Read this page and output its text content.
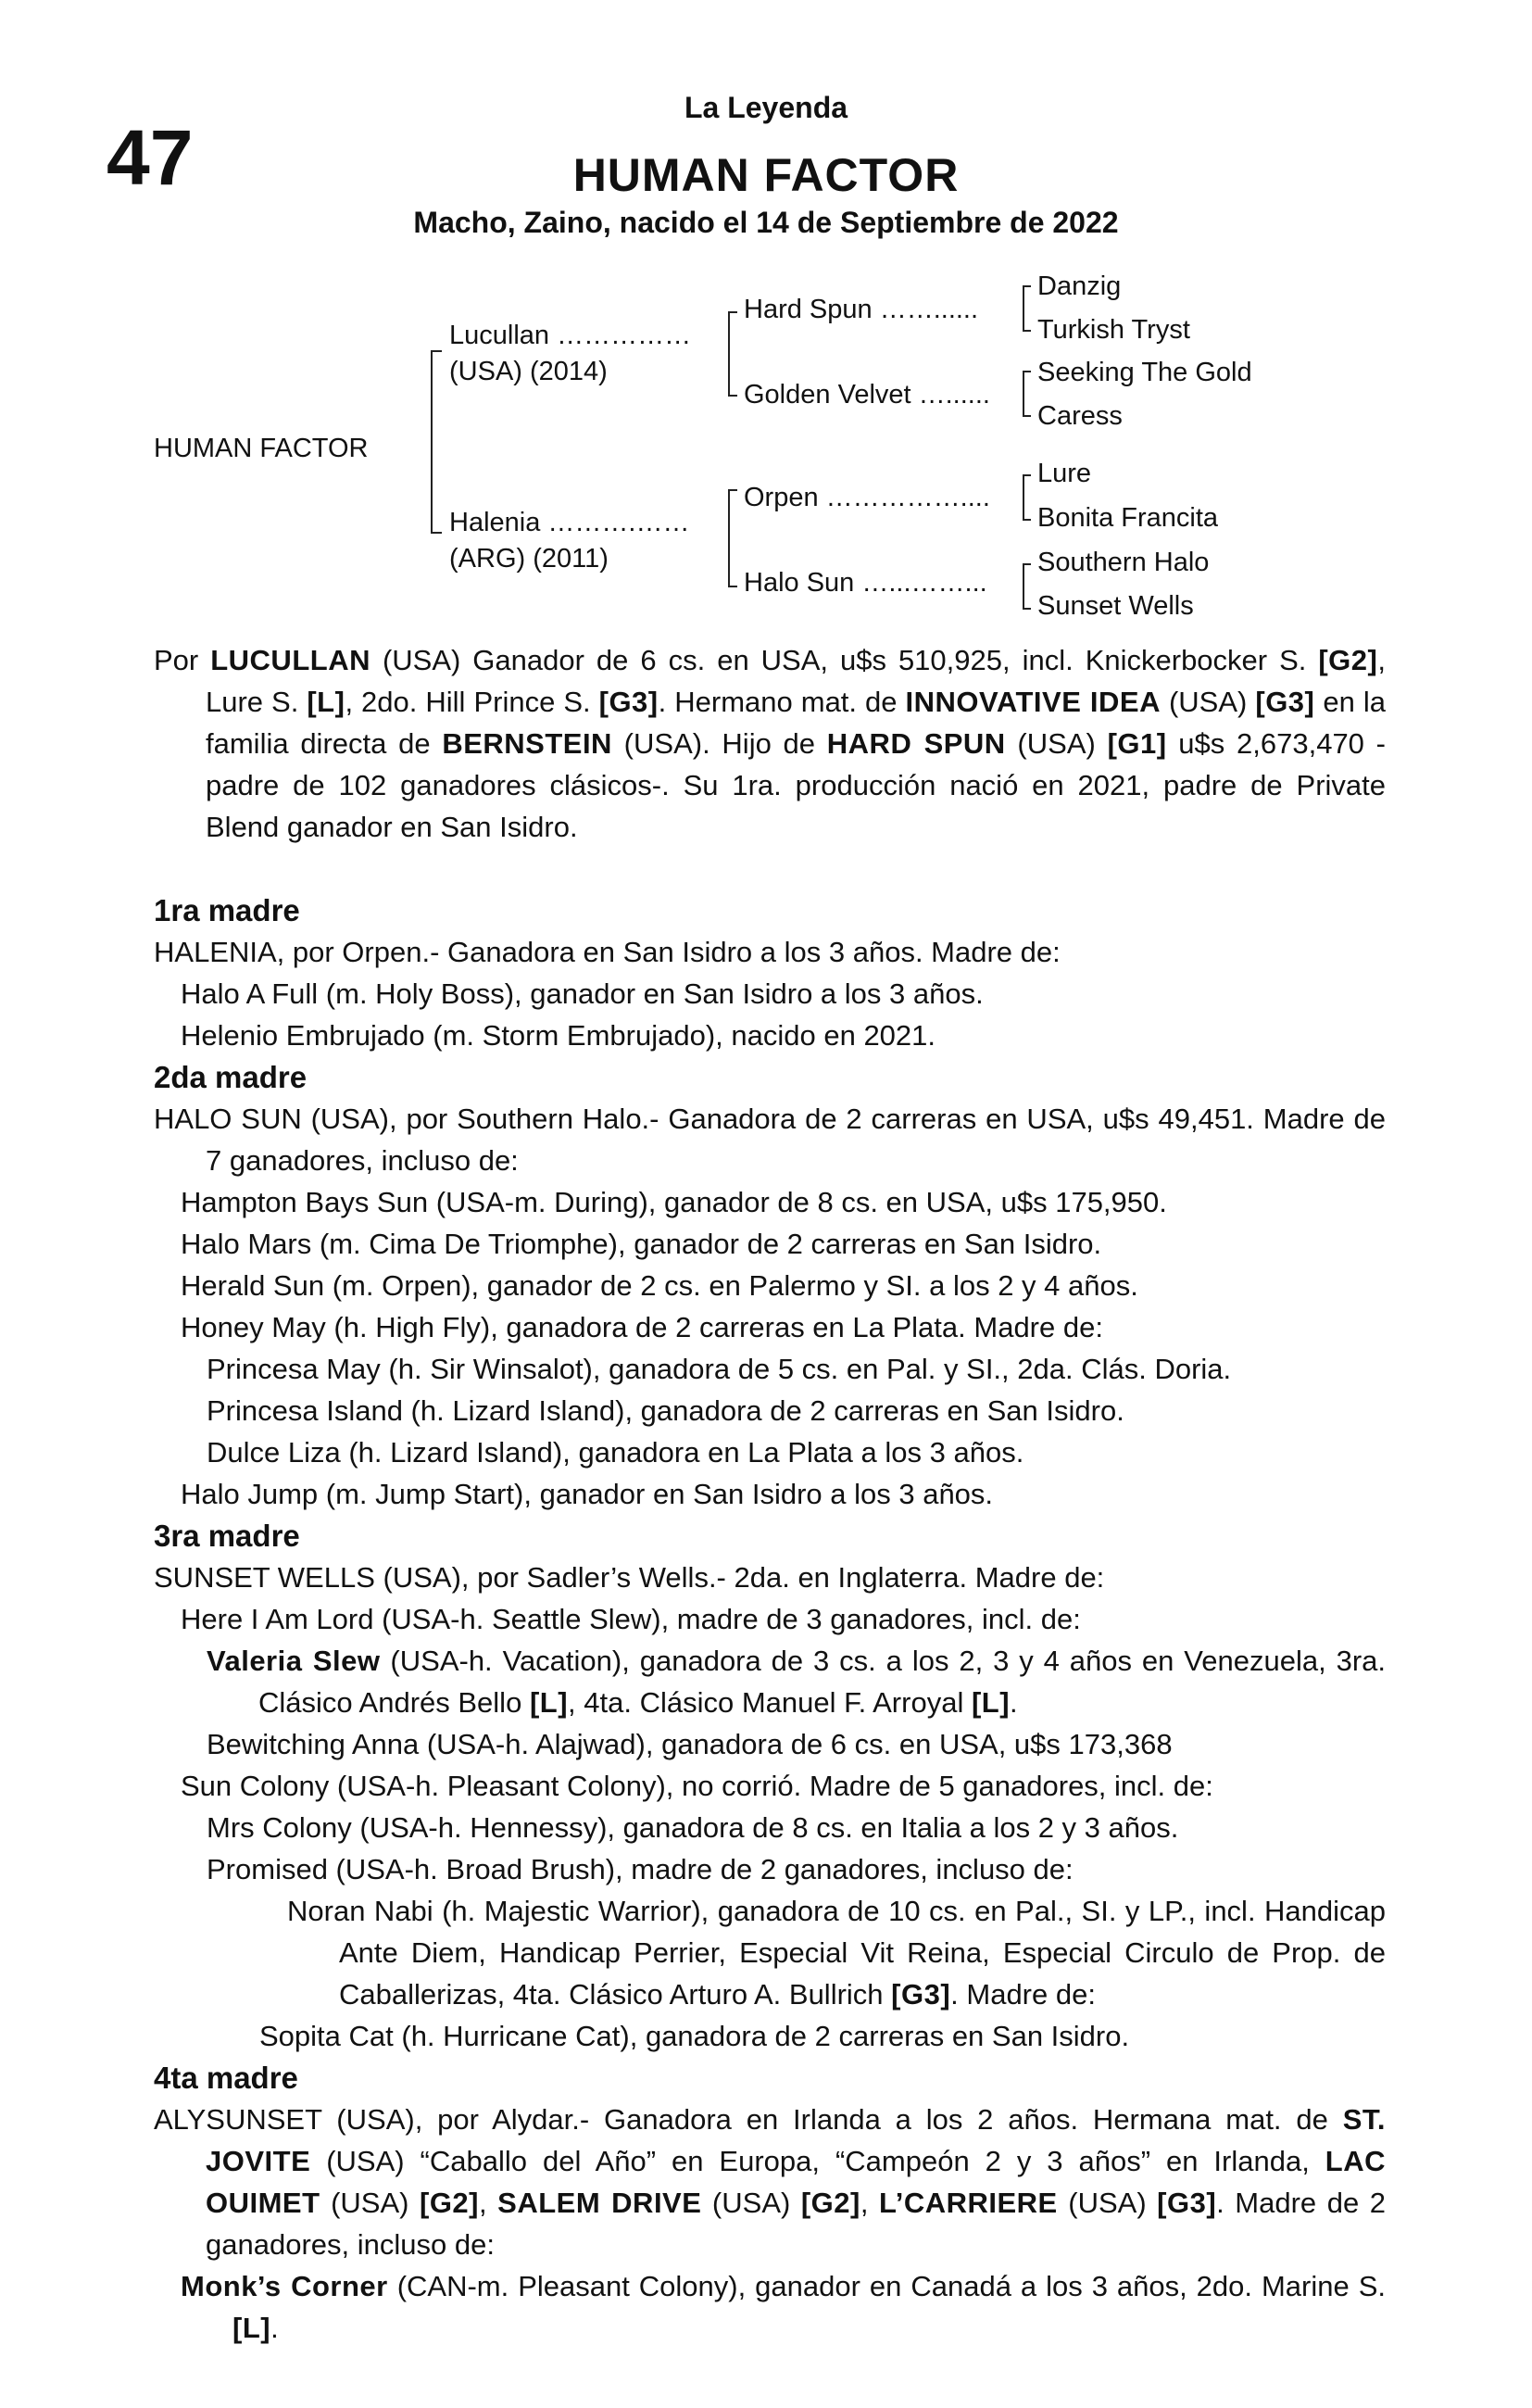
47
La Leyenda
HUMAN FACTOR
Macho, Zaino, nacido el 14 de Septiembre de 2022
HUMAN FACTOR
Lucullan ……………
(USA) (2014)
Halenia ……….……
(ARG) (2011)
Hard Spun ……......
Golden Velvet …......
Orpen ……………....
Halo Sun …...……...
Danzig
Turkish Tryst
Seeking The Gold
Caress
Lure
Bonita Francita
Southern Halo
Sunset Wells

Por LUCULLAN (USA) Ganador de 6 cs. en USA, u$s 510,925, incl. Knickerbocker S. [G2], Lure S. [L], 2do. Hill Prince S. [G3]. Hermano mat. de INNOVATIVE IDEA (USA) [G3] en la familia directa de BERNSTEIN (USA). Hijo de HARD SPUN (USA) [G1] u$s 2,673,470 -padre de 102 ganadores clásicos-. Su 1ra. producción nació en 2021, padre de Private Blend ganador en San Isidro.

1ra madre

HALENIA, por Orpen.- Ganadora en San Isidro a los 3 años. Madre de:

Halo A Full (m. Holy Boss), ganador en San Isidro a los 3 años.

Helenio Embrujado (m. Storm Embrujado), nacido en 2021.

2da madre

HALO SUN (USA), por Southern Halo.- Ganadora de 2 carreras en USA, u$s 49,451. Madre de 7 ganadores, incluso de:

Hampton Bays Sun (USA-m. During), ganador de 8 cs. en USA, u$s 175,950.

Halo Mars (m. Cima De Triomphe), ganador de 2 carreras en San Isidro.

Herald Sun (m. Orpen), ganador de 2 cs. en Palermo y SI. a los 2 y 4 años.

Honey May (h. High Fly), ganadora de 2 carreras en La Plata. Madre de:

Princesa May (h. Sir Winsalot), ganadora de 5 cs. en Pal. y SI., 2da. Clás. Doria.

Princesa Island (h. Lizard Island), ganadora de 2 carreras en San Isidro.

Dulce Liza (h. Lizard Island), ganadora en La Plata a los 3 años.

Halo Jump (m. Jump Start), ganador en San Isidro a los 3 años.

3ra madre

SUNSET WELLS (USA), por Sadler’s Wells.- 2da. en Inglaterra. Madre de:

Here I Am Lord (USA-h. Seattle Slew), madre de 3 ganadores, incl. de:

Valeria Slew (USA-h. Vacation), ganadora de 3 cs. a los 2, 3 y 4 años en Venezuela, 3ra. Clásico Andrés Bello [L], 4ta. Clásico Manuel F. Arroyal [L].

Bewitching Anna (USA-h. Alajwad), ganadora de 6 cs. en USA, u$s 173,368

Sun Colony (USA-h. Pleasant Colony), no corrió. Madre de 5 ganadores, incl. de:

Mrs Colony (USA-h. Hennessy), ganadora de 8 cs. en Italia a los 2 y 3 años.

Promised (USA-h. Broad Brush), madre de 2 ganadores, incluso de:

Noran Nabi (h. Majestic Warrior), ganadora de 10 cs. en Pal., SI. y LP., incl. Handicap Ante Diem, Handicap Perrier, Especial Vit Reina, Especial Circulo de Prop. de Caballerizas, 4ta. Clásico Arturo A. Bullrich [G3]. Madre de:

Sopita Cat (h. Hurricane Cat), ganadora de 2 carreras en San Isidro.

4ta madre

ALYSUNSET (USA), por Alydar.- Ganadora en Irlanda a los 2 años. Hermana mat. de ST. JOVITE (USA) “Caballo del Año” en Europa, “Campeón 2 y 3 años” en Irlanda, LAC OUIMET (USA) [G2], SALEM DRIVE (USA) [G2], L’CARRIERE (USA) [G3]. Madre de 2 ganadores, incluso de:

Monk’s Corner (CAN-m. Pleasant Colony), ganador en Canadá a los 3 años, 2do. Marine S. [L].
